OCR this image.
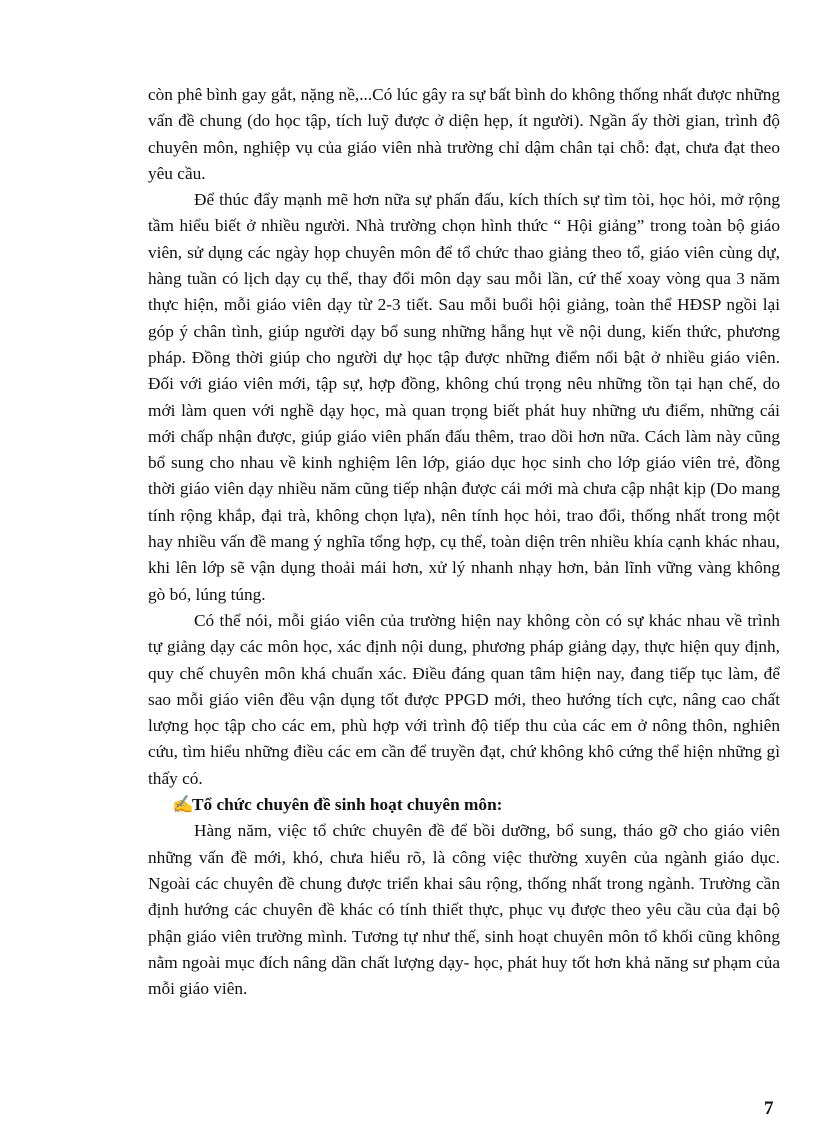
còn phê bình gay gắt, nặng nề,...Có lúc gây ra sự bất bình do không thống nhất được những vấn đề chung (do học tập, tích luỹ được ở diện hẹp, ít người). Ngần ấy thời gian, trình độ chuyên môn, nghiệp vụ của giáo viên nhà trường chỉ dậm chân tại chỗ: đạt, chưa đạt theo yêu cầu.

Để thúc đẩy mạnh mẽ hơn nữa sự phấn đấu, kích thích sự tìm tòi, học hỏi, mở rộng tầm hiểu biết ở nhiều người. Nhà trường chọn hình thức “ Hội giảng” trong toàn bộ giáo viên, sử dụng các ngày họp chuyên môn để tổ chức thao giảng theo tổ, giáo viên cùng dự, hàng tuần có lịch dạy cụ thể, thay đổi môn dạy sau mỗi lần, cứ thế xoay vòng qua 3 năm thực hiện, mỗi giáo viên dạy từ 2-3 tiết. Sau mỗi buổi hội giảng, toàn thể HĐSP ngồi lại góp ý chân tình, giúp người dạy bổ sung những hẫng hụt về nội dung, kiến thức, phương pháp. Đồng thời giúp cho người dự học tập được những điểm nổi bật ở nhiều giáo viên. Đối với giáo viên mới, tập sự, hợp đồng, không chú trọng nêu những tồn tại hạn chế, do mới làm quen với nghề dạy học, mà quan trọng biết phát huy những ưu điểm, những cái mới chấp nhận được, giúp giáo viên phấn đấu thêm, trao dồi hơn nữa. Cách làm này cũng bổ sung cho nhau về kinh nghiệm lên lớp, giáo dục học sinh cho lớp giáo viên trẻ, đồng thời giáo viên dạy nhiều năm cũng tiếp nhận được cái mới mà chưa cập nhật kịp (Do mang tính rộng khắp, đại trà, không chọn lựa), nên tính học hỏi, trao đổi, thống nhất trong một hay nhiều vấn đề mang ý nghĩa tổng hợp, cụ thể, toàn diện trên nhiều khía cạnh khác nhau, khi lên lớp sẽ vận dụng thoải mái hơn, xử lý nhanh nhạy hơn, bản lĩnh vững vàng không gò bó, lúng túng.

Có thể nói, mỗi giáo viên của trường hiện nay không còn có sự khác nhau về trình tự giảng dạy các môn học, xác định nội dung, phương pháp giảng dạy, thực hiện quy định, quy chế chuyên môn khá chuẩn xác. Điều đáng quan tâm hiện nay, đang tiếp tục làm, để sao mỗi giáo viên đều vận dụng tốt được PPGD mới, theo hướng tích cực, nâng cao chất lượng học tập cho các em, phù hợp với trình độ tiếp thu của các em ở nông thôn, nghiên cứu, tìm hiểu những điều các em cần để truyền đạt, chứ không khô cứng thể hiện những gì thấy có.

✍Tổ chức chuyên đề sinh hoạt chuyên môn:

Hàng năm, việc tổ chức chuyên đề để bồi dưỡng, bổ sung, tháo gỡ cho giáo viên những vấn đề mới, khó, chưa hiểu rõ, là công việc thường xuyên của ngành giáo dục. Ngoài các chuyên đề chung được triển khai sâu rộng, thống nhất trong ngành. Trường cần định hướng các chuyên đề khác có tính thiết thực, phục vụ được theo yêu cầu của đại bộ phận giáo viên trường mình. Tương tự như thế, sinh hoạt chuyên môn tổ khối cũng không nằm ngoài mục đích nâng dần chất lượng dạy- học, phát huy tốt hơn khả năng sư phạm của mỗi giáo viên.

7
